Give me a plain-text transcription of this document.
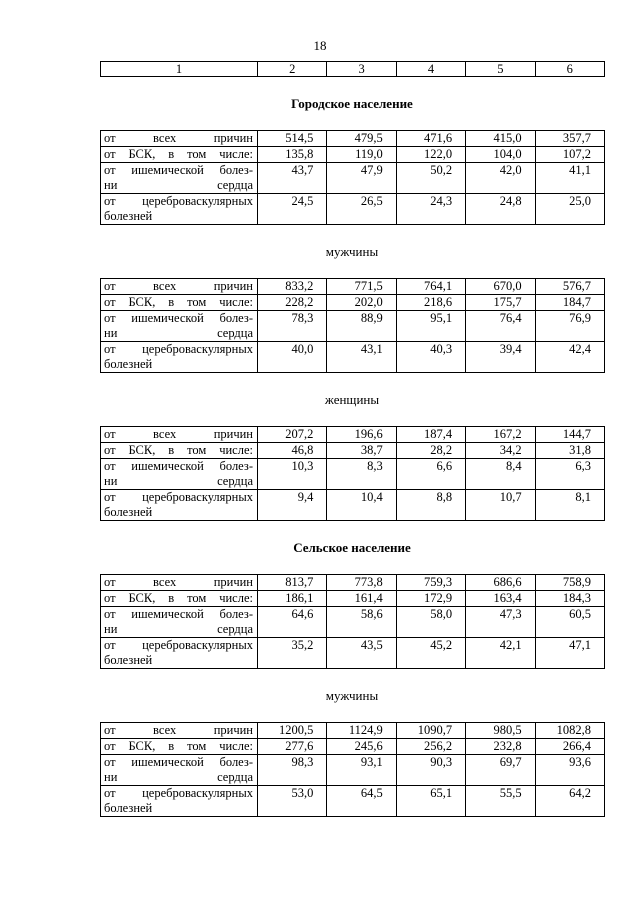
18
1	2	3	4	5	6
Городское население
от всех причин	514,5	479,5	471,6	415,0	357,7
от БСК, в том числе:	135,8	119,0	122,0	104,0	107,2

от ишемической болез-
ни сердца	43,7	47,9	50,2	42,0	41,1

от цереброваскулярных
болезней	24,5	26,5	24,3	24,8	25,0
мужчины
от всех причин	833,2	771,5	764,1	670,0	576,7
от БСК, в том числе:	228,2	202,0	218,6	175,7	184,7

от ишемической болез-
ни сердца	78,3	88,9	95,1	76,4	76,9

от цереброваскулярных
болезней	40,0	43,1	40,3	39,4	42,4
женщины
от всех причин	207,2	196,6	187,4	167,2	144,7
от БСК, в том числе:	46,8	38,7	28,2	34,2	31,8

от ишемической болез-
ни сердца	10,3	8,3	6,6	8,4	6,3

от цереброваскулярных
болезней	9,4	10,4	8,8	10,7	8,1
Сельское население
от всех причин	813,7	773,8	759,3	686,6	758,9
от БСК, в том числе:	186,1	161,4	172,9	163,4	184,3

от ишемической болез-
ни сердца	64,6	58,6	58,0	47,3	60,5

от цереброваскулярных
болезней	35,2	43,5	45,2	42,1	47,1
мужчины
от всех причин	1200,5	1124,9	1090,7	980,5	1082,8
от БСК, в том числе:	277,6	245,6	256,2	232,8	266,4

от ишемической болез-
ни сердца	98,3	93,1	90,3	69,7	93,6

от цереброваскулярных
болезней	53,0	64,5	65,1	55,5	64,2
